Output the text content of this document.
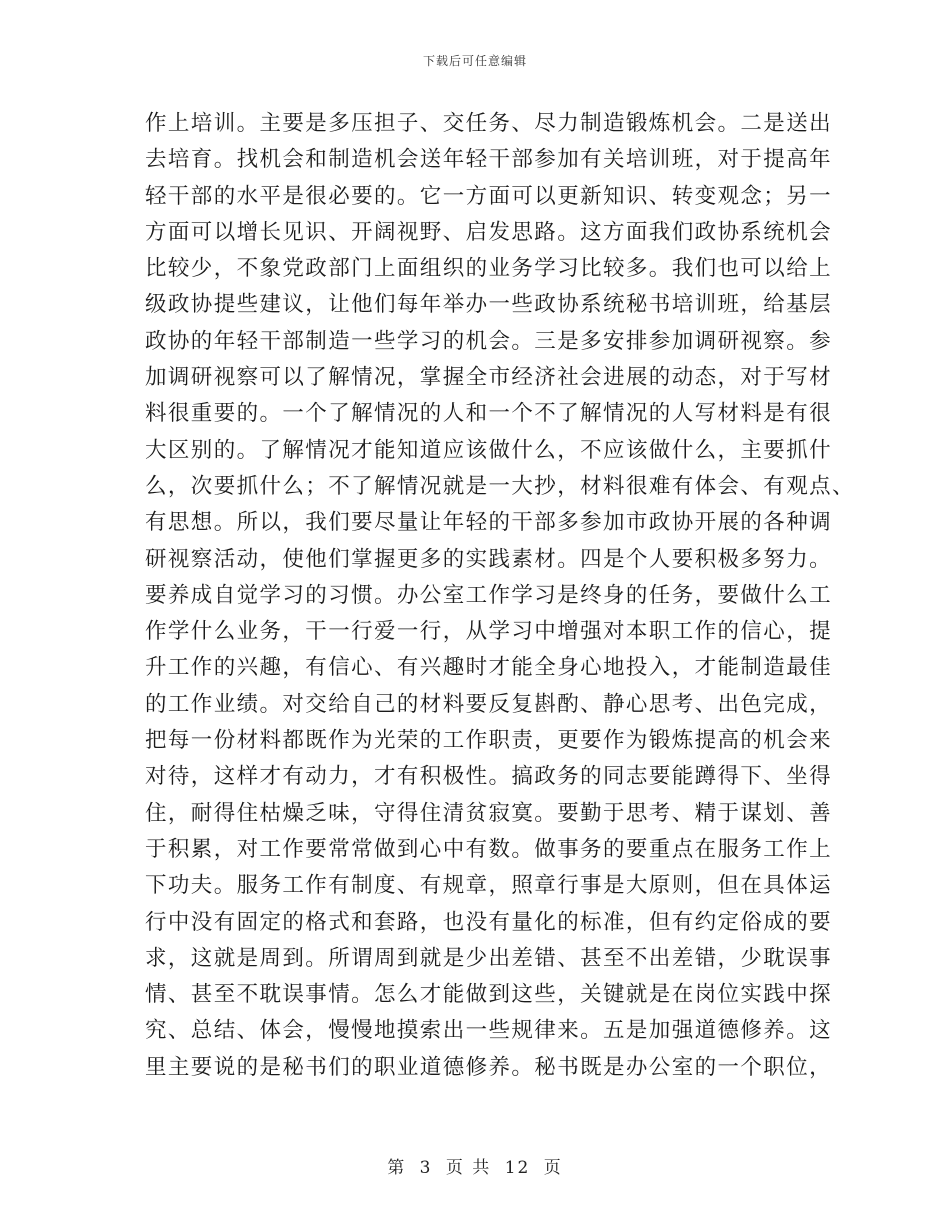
下载后可任意编辑
作上培训。主要是多压担子、交任务、尽力制造锻炼机会。二是送出
去培育。找机会和制造机会送年轻干部参加有关培训班，对于提高年
轻干部的水平是很必要的。它一方面可以更新知识、转变观念；另一
方面可以增长见识、开阔视野、启发思路。这方面我们政协系统机会
比较少，不象党政部门上面组织的业务学习比较多。我们也可以给上
级政协提些建议，让他们每年举办一些政协系统秘书培训班，给基层
政协的年轻干部制造一些学习的机会。三是多安排参加调研视察。参
加调研视察可以了解情况，掌握全市经济社会进展的动态，对于写材
料很重要的。一个了解情况的人和一个不了解情况的人写材料是有很
大区别的。了解情况才能知道应该做什么，不应该做什么，主要抓什
么，次要抓什么；不了解情况就是一大抄，材料很难有体会、有观点、
有思想。所以，我们要尽量让年轻的干部多参加市政协开展的各种调
研视察活动，使他们掌握更多的实践素材。四是个人要积极多努力。
要养成自觉学习的习惯。办公室工作学习是终身的任务，要做什么工
作学什么业务，干一行爱一行，从学习中增强对本职工作的信心，提
升工作的兴趣，有信心、有兴趣时才能全身心地投入，才能制造最佳
的工作业绩。对交给自己的材料要反复斟酌、静心思考、出色完成，
把每一份材料都既作为光荣的工作职责，更要作为锻炼提高的机会来
对待，这样才有动力，才有积极性。搞政务的同志要能蹲得下、坐得
住，耐得住枯燥乏味，守得住清贫寂寞。要勤于思考、精于谋划、善
于积累，对工作要常常做到心中有数。做事务的要重点在服务工作上
下功夫。服务工作有制度、有规章，照章行事是大原则，但在具体运
行中没有固定的格式和套路，也没有量化的标准，但有约定俗成的要
求，这就是周到。所谓周到就是少出差错、甚至不出差错，少耽误事
情、甚至不耽误事情。怎么才能做到这些，关键就是在岗位实践中探
究、总结、体会，慢慢地摸索出一些规律来。五是加强道德修养。这
里主要说的是秘书们的职业道德修养。秘书既是办公室的一个职位，
第 3 页 共 12 页
